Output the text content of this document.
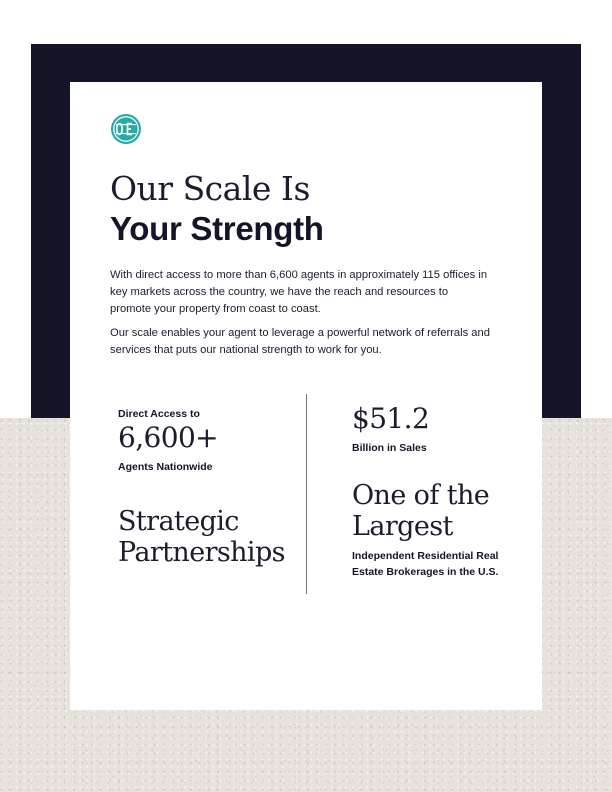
Our Scale Is
Your Strength

With direct access to more than 6,600 agents in approximately 115 offices in key markets across the country, we have the reach and resources to promote your property from coast to coast.

Our scale enables your agent to leverage a powerful network of referrals and services that puts our national strength to work for you.

Direct Access to

6,600+

Agents Nationwide

Strategic Partnerships

$51.2

Billion in Sales

One of the Largest

Independent Residential Real Estate Brokerages in the U.S.
